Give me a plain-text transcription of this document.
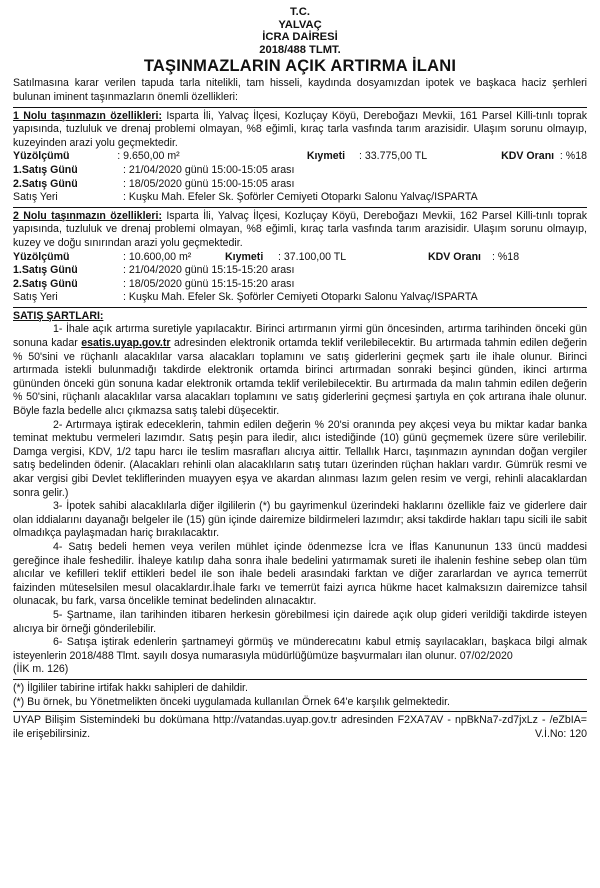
T.C.
YALVAÇ
İCRA DAİRESİ
2018/488 TLMT.
TAŞINMAZLARIN AÇIK ARTIRMA İLANI

Satılmasına karar verilen tapuda tarla nitelikli, tam hisseli, kaydında dosyamızdan ipotek ve başkaca haciz şerhleri bulunan iminent taşınmazların önemli özellikleri:

1 Nolu taşınmazın özellikleri: Isparta İli, Yalvaç İlçesi, Kozluçay Köyü, Dereboğazı Mevkii, 161 Parsel Killi-tınlı toprak yapısında, tuzluluk ve drenaj problemi olmayan, %8 eğimli, kıraç tarla vasfında tarım arazisidir. Ulaşım sorunu olmayıp, kuzeyinden arazi yolu geçmektedir.

Yüzölçümü	: 9.650,00 m²	Kıymeti	: 33.775,00 TL	KDV Oranı : %18
1.Satış Günü	: 21/04/2020 günü 15:00-15:05 arası
2.Satış Günü	: 18/05/2020 günü 15:00-15:05 arası
Satış Yeri	: Kuşku Mah. Efeler Sk. Şoförler Cemiyeti Otoparkı Salonu Yalvaç/ISPARTA

2 Nolu taşınmazın özellikleri: Isparta İli, Yalvaç İlçesi, Kozluçay Köyü, Dereboğazı Mevkii, 162 Parsel Killi-tınlı toprak yapısında, tuzluluk ve drenaj problemi olmayan, %8 eğimli, kıraç tarla vasfında tarım arazisidir. Ulaşım sorunu olmayıp, kuzey ve doğu sınırından arazi yolu geçmektedir.

Yüzölçümü	: 10.600,00 m²	Kıymeti	: 37.100,00 TL	KDV Oranı	: %18
1.Satış Günü	: 21/04/2020 günü 15:15-15:20 arası
2.Satış Günü	: 18/05/2020 günü 15:15-15:20 arası
Satış Yeri	: Kuşku Mah. Efeler Sk. Şoförler Cemiyeti Otoparkı Salonu Yalvaç/ISPARTA
SATIŞ ŞARTLARI:

1- İhale açık artırma suretiyle yapılacaktır. Birinci artırmanın yirmi gün öncesinden, artırma tarihinden önceki gün sonuna kadar esatis.uyap.gov.tr adresinden elektronik ortamda teklif verilebilecektir. Bu artırmada tahmin edilen değerin % 50'sini ve rüçhanlı alacaklılar varsa alacakları toplamını ve satış giderlerini geçmek şartı ile ihale olunur. Birinci artırmada istekli bulunmadığı takdirde elektronik ortamda birinci artırmadan sonraki beşinci günden, ikinci artırma gününden önceki gün sonuna kadar elektronik ortamda teklif verilebilecektir. Bu artırmada da malın tahmin edilen değerin % 50'sini, rüçhanlı alacaklılar varsa alacakları toplamını ve satış giderlerini geçmesi şartıyla en çok artırana ihale olunur. Böyle fazla bedelle alıcı çıkmazsa satış talebi düşecektir.

2- Artırmaya iştirak edeceklerin, tahmin edilen değerin % 20'si oranında pey akçesi veya bu miktar kadar banka teminat mektubu vermeleri lazımdır. Satış peşin para iledir, alıcı istediğinde (10) günü geçmemek üzere süre verilebilir. Damga vergisi, KDV, 1/2 tapu harcı ile teslim masrafları alıcıya aittir. Tellallık Harcı, taşınmazın aynından doğan vergiler satış bedelinden ödenir. (Alacakları rehinli olan alacaklıların satış tutarı üzerinden rüçhan hakları vardır. Gümrük resmi ve akar vergisi gibi Devlet tekliflerinden muayyen eşya ve akardan alınması lazım gelen resim ve vergi, rehinli alacaklardan sonra gelir.)

3- İpotek sahibi alacaklılarla diğer ilgililerin (*) bu gayrimenkul üzerindeki haklarını özellikle faiz ve giderlere dair olan iddialarını dayanağı belgeler ile (15) gün içinde dairemize bildirmeleri lazımdır; aksi takdirde hakları tapu sicili ile sabit olmadıkça paylaşmadan hariç bırakılacaktır.

4- Satış bedeli hemen veya verilen mühlet içinde ödenmezse İcra ve İflas Kanununun 133 üncü maddesi gereğince ihale feshedilir. İhaleye katılıp daha sonra ihale bedelini yatırmamak sureti ile ihalenin feshine sebep olan tüm alıcılar ve kefilleri teklif ettikleri bedel ile son ihale bedeli arasındaki farktan ve diğer zararlardan ve ayrıca temerrüt faizinden müteselsilen mesul olacaklardır.İhale farkı ve temerrüt faizi ayrıca hükme hacet kalmaksızın dairemizce tahsil olunacak, bu fark, varsa öncelikle teminat bedelinden alınacaktır.

5- Şartname, ilan tarihinden itibaren herkesin görebilmesi için dairede açık olup gideri verildiği takdirde isteyen alıcıya bir örneği gönderilebilir.

6- Satışa iştirak edenlerin şartnameyi görmüş ve münderecatını kabul etmiş sayılacakları, başkaca bilgi almak isteyenlerin 2018/488 Tlmt. sayılı dosya numarasıyla müdürlüğümüze başvurmaları ilan olunur. 07/02/2020

(İİK m. 126)
(*) İlgililer tabirine irtifak hakkı sahipleri de dahildir.
(*) Bu örnek, bu Yönetmelikten önceki uygulamada kullanılan Örnek 64'e karşılık gelmektedir.

UYAP Bilişim Sistemindeki bu dokümana http://vatandas.uyap.gov.tr adresinden F2XA7AV - npBkNa7-zd7jxLz - /eZbIA= ile erişebilirsiniz.	V.İ.No: 120
